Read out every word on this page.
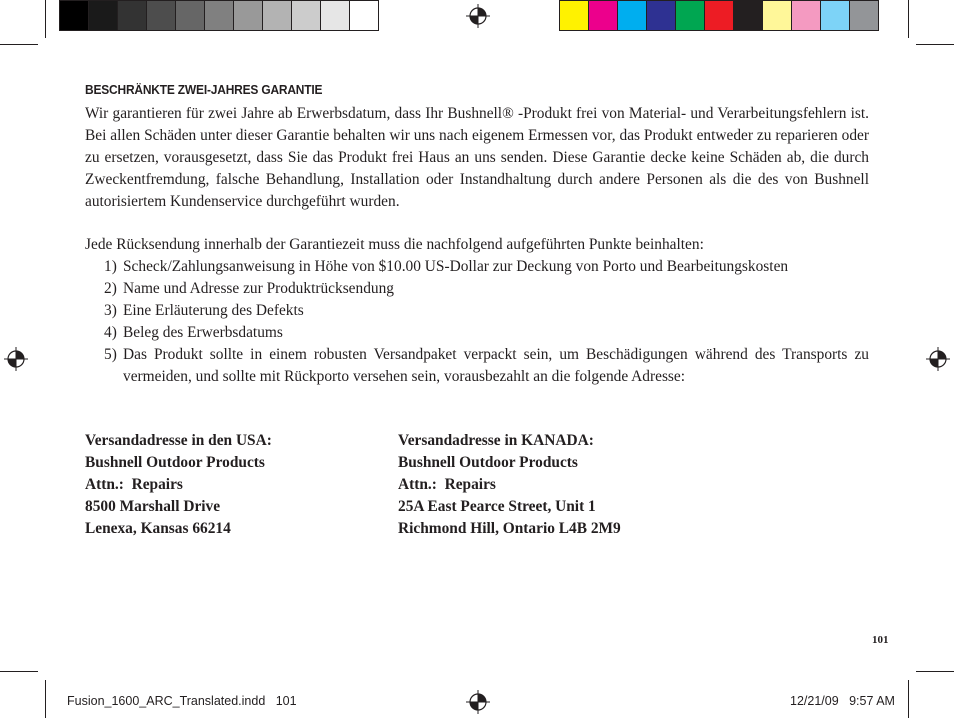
BESCHRÄNKTE ZWEI-JAHRES GARANTIE

Wir garantieren für zwei Jahre ab Erwerbsdatum, dass Ihr Bushnell® -Produkt frei von Material- und Verarbeitungsfehlern ist. Bei allen Schäden unter dieser Garantie behalten wir uns nach eigenem Ermessen vor, das Produkt entweder zu reparieren oder zu ersetzen, vorausgesetzt, dass Sie das Produkt frei Haus an uns senden. Diese Garantie decke keine Schäden ab, die durch Zweckentfremdung, falsche Behandlung, Installation oder Instandhaltung durch andere Personen als die des von Bushnell autorisiertem Kundenservice durchgeführt wurden.

Jede Rücksendung innerhalb der Garantiezeit muss die nachfolgend aufgeführten Punkte beinhalten:
1) Scheck/Zahlungsanweisung in Höhe von $10.00 US-Dollar zur Deckung von Porto und Bearbeitungskosten
2) Name und Adresse zur Produktrücksendung
3) Eine Erläuterung des Defekts
4) Beleg des Erwerbsdatums
5) Das Produkt sollte in einem robusten Versandpaket verpackt sein, um Beschädigungen während des Transports zu vermeiden, und sollte mit Rückporto versehen sein, vorausbezahlt an die folgende Adresse:
Versandadresse in den USA:
Bushnell Outdoor Products
Attn.:  Repairs
8500 Marshall Drive
Lenexa, Kansas 66214
Versandadresse in KANADA:
Bushnell Outdoor Products
Attn.:  Repairs
25A East Pearce Street, Unit 1
Richmond Hill, Ontario L4B 2M9
101
Fusion_1600_ARC_Translated.indd   101	12/21/09   9:57 AM
